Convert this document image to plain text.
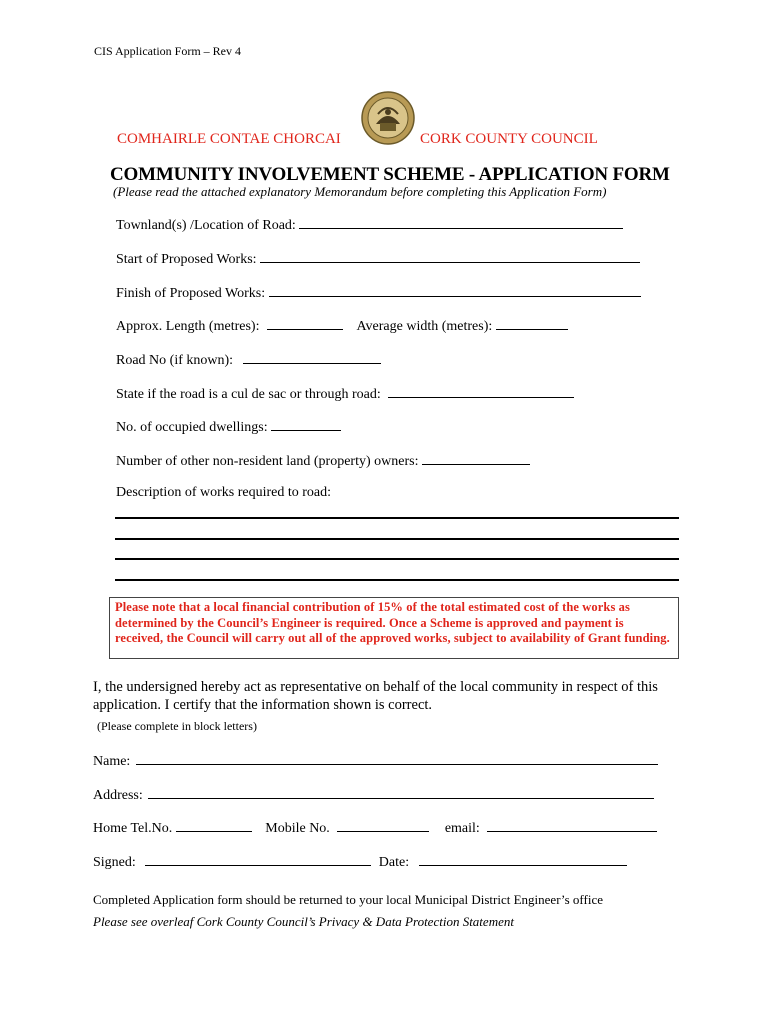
CIS Application Form – Rev 4
COMHAIRLE CONTAE CHORCAI	CORK COUNTY COUNCIL
COMMUNITY INVOLVEMENT SCHEME - APPLICATION FORM
(Please read the attached explanatory Memorandum before completing this Application Form)
Townland(s) /Location of Road:
Start of Proposed Works:
Finish of Proposed Works:
Approx. Length (metres):	Average width (metres):
Road No (if known):
State if the road is a cul de sac or through road:
No. of occupied dwellings:
Number of other non-resident land (property) owners:
Description of works required to road:
Please note that a local financial contribution of 15% of the total estimated cost of the works as determined by the Council’s Engineer is required. Once a Scheme is approved and payment is received, the Council will carry out all of the approved works, subject to availability of Grant funding.
I, the undersigned hereby act as representative on behalf of the local community in respect of this application. I certify that the information shown is correct.
(Please complete in block letters)
Name:
Address:
Home Tel.No.	Mobile No.	email:
Signed:	Date:
Completed Application form should be returned to your local Municipal District Engineer’s office
Please see overleaf Cork County Council’s Privacy & Data Protection Statement
